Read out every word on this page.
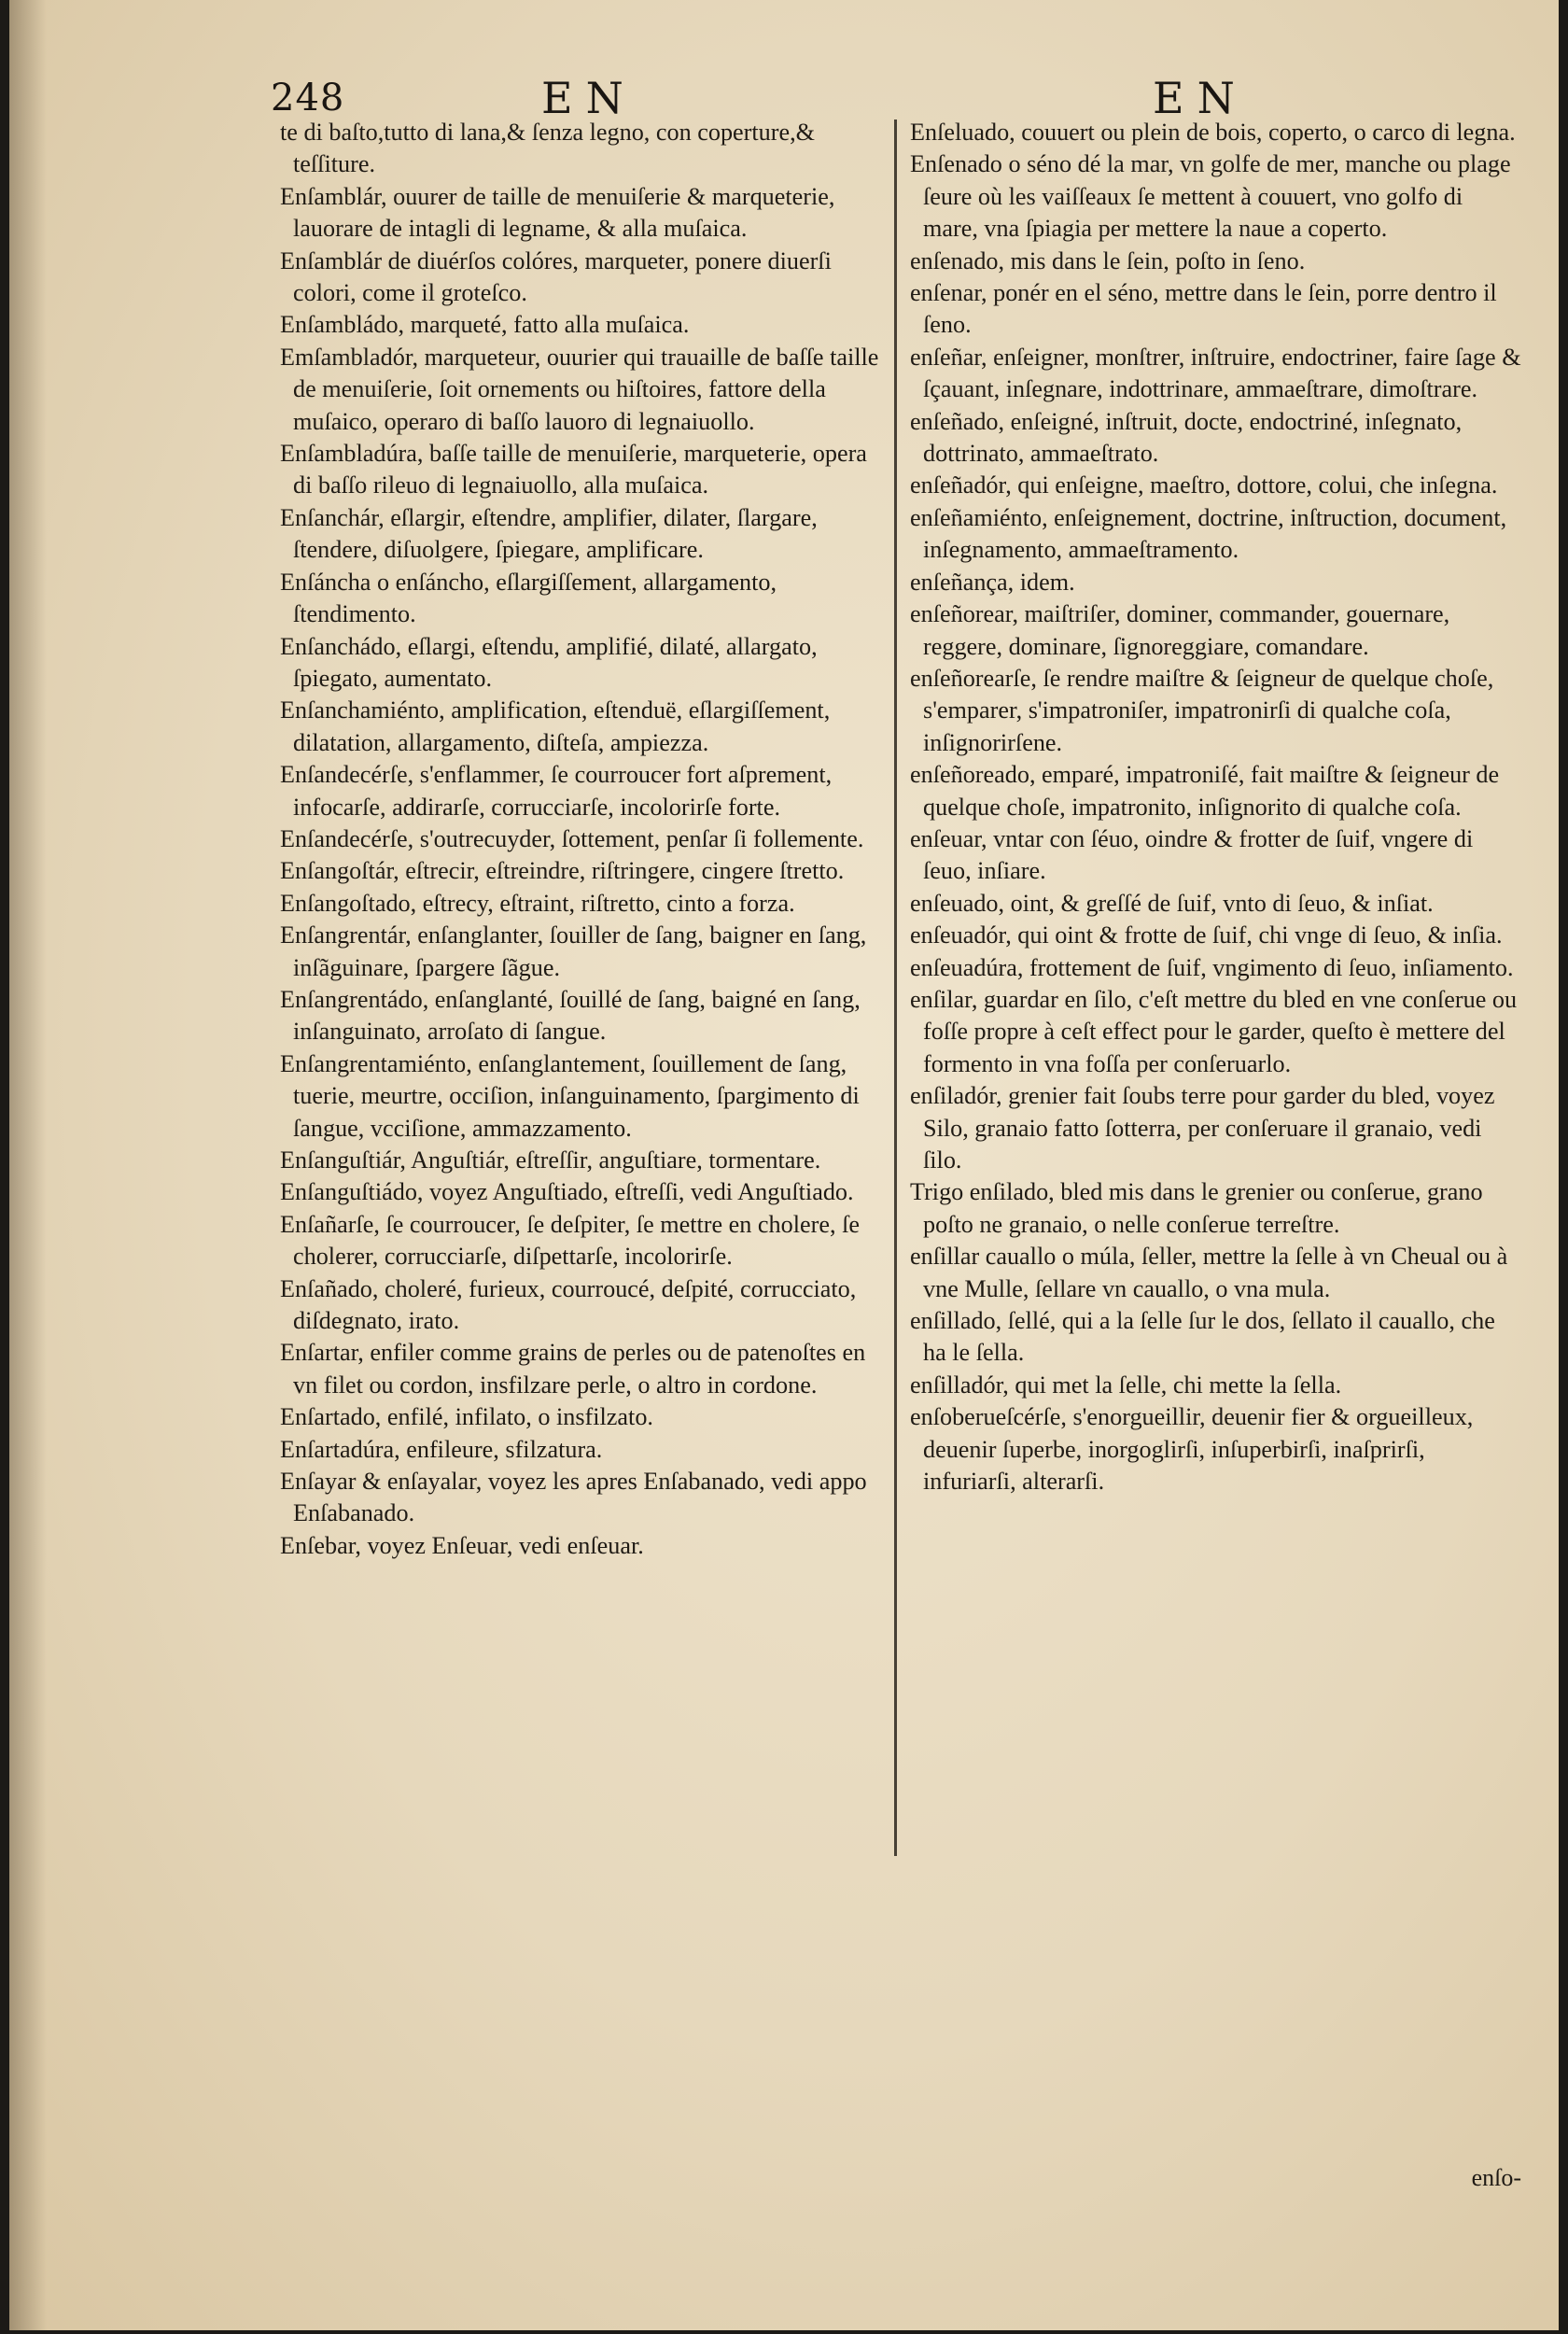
248	EN	EN

te di baſto,tutto di lana,& ſenza legno, con coperture,& teſſiture.

Enſamblár, ouurer de taille de menuiſerie & marqueterie, lauorare de intagli di legname, & alla muſaica.

Enſamblár de diuérſos colóres, marqueter, ponere diuerſi colori, come il groteſco.

Enſambládo, marqueté, fatto alla muſaica.

Emſambladór, marqueteur, ouurier qui trauaille de baſſe taille de menuiſerie, ſoit ornements ou hiſtoires, fattore della muſaico, operaro di baſſo lauoro di legnaiuollo.

Enſambladúra, baſſe taille de menuiſerie, marqueterie, opera di baſſo rileuo di legnaiuollo, alla muſaica.

Enſanchár, eſlargir, eſtendre, amplifier, dilater, ſlargare, ſtendere, diſuolgere, ſpiegare, amplificare.

Enſáncha o enſáncho, eſlargiſſement, allargamento, ſtendimento.

Enſanchádo, eſlargi, eſtendu, amplifié, dilaté, allargato, ſpiegato, aumentato.

Enſanchamiénto, amplification, eſtenduë, eſlargiſſement, dilatation, allargamento, diſteſa, ampiezza.

Enſandecérſe, s'enflammer, ſe courroucer fort aſprement, infocarſe, addirarſe, corrucciarſe, incolorirſe forte.

Enſandecérſe, s'outrecuyder, ſottement, penſar ſi follemente.

Enſangoſtár, eſtrecir, eſtreindre, riſtringere, cingere ſtretto.

Enſangoſtado, eſtrecy, eſtraint, riſtretto, cinto a forza.

Enſangrentár, enſanglanter, ſouiller de ſang, baigner en ſang, inſãguinare, ſpargere ſãgue.

Enſangrentádo, enſanglanté, ſouillé de ſang, baigné en ſang, inſanguinato, arroſato di ſangue.

Enſangrentamiénto, enſanglantement, ſouillement de ſang, tuerie, meurtre, occiſion, inſanguinamento, ſpargimento di ſangue, vcciſione, ammazzamento.

Enſanguſtiár, Anguſtiár, eſtreſſir, anguſtiare, tormentare.

Enſanguſtiádo, voyez Anguſtiado, eſtreſſi, vedi Anguſtiado.

Enſañarſe, ſe courroucer, ſe deſpiter, ſe mettre en cholere, ſe cholerer, corrucciarſe, diſpettarſe, incolorirſe.

Enſañado, choleré, furieux, courroucé, deſpité, corrucciato, diſdegnato, irato.

Enſartar, enfiler comme grains de perles ou de patenoſtes en vn filet ou cordon, insfilzare perle, o altro in cordone.

Enſartado, enfilé, infilato, o insfilzato.

Enſartadúra, enfileure, sfilzatura.

Enſayar & enſayalar, voyez les apres Enſabanado, vedi appo Enſabanado.

Enſebar, voyez Enſeuar, vedi enſeuar.

Enſeluado, couuert ou plein de bois, coperto, o carco di legna.

Enſenado o séno dé la mar, vn golfe de mer, manche ou plage ſeure où les vaiſſeaux ſe mettent à couuert, vno golfo di mare, vna ſpiagia per mettere la naue a coperto.

enſenado, mis dans le ſein, poſto in ſeno.

enſenar, ponér en el séno, mettre dans le ſein, porre dentro il ſeno.

enſeñar, enſeigner, monſtrer, inſtruire, endoctriner, faire ſage & ſçauant, inſegnare, indottrinare, ammaeſtrare, dimoſtrare.

enſeñado, enſeigné, inſtruit, docte, endoctriné, inſegnato, dottrinato, ammaeſtrato.

enſeñadór, qui enſeigne, maeſtro, dottore, colui, che inſegna.

enſeñamiénto, enſeignement, doctrine, inſtruction, document, inſegnamento, ammaeſtramento.

enſeñança, idem.

enſeñorear, maiſtriſer, dominer, commander, gouernare, reggere, dominare, ſignoreggiare, comandare.

enſeñorearſe, ſe rendre maiſtre & ſeigneur de quelque choſe, s'emparer, s'impatroniſer, impatronirſi di qualche coſa, inſignorirſene.

enſeñoreado, emparé, impatroniſé, fait maiſtre & ſeigneur de quelque choſe, impatronito, inſignorito di qualche coſa.

enſeuar, vntar con ſéuo, oindre & frotter de ſuif, vngere di ſeuo, inſiare.

enſeuado, oint, & greſſé de ſuif, vnto di ſeuo, & inſiat.

enſeuadór, qui oint & frotte de ſuif, chi vnge di ſeuo, & inſia.

enſeuadúra, frottement de ſuif, vngimento di ſeuo, inſiamento.

enſilar, guardar en ſilo, c'eſt mettre du bled en vne conſerue ou foſſe propre à ceſt effect pour le garder, queſto è mettere del formento in vna foſſa per conſeruarlo.

enſiladór, grenier fait ſoubs terre pour garder du bled, voyez Silo, granaio fatto ſotterra, per conſeruare il granaio, vedi ſilo.

Trigo enſilado, bled mis dans le grenier ou conſerue, grano poſto ne granaio, o nelle conſerue terreſtre.

enſillar cauallo o múla, ſeller, mettre la ſelle à vn Cheual ou à vne Mulle, ſellare vn cauallo, o vna mula.

enſillado, ſellé, qui a la ſelle ſur le dos, ſellato il cauallo, che ha le ſella.

enſilladór, qui met la ſelle, chi mette la ſella.

enſoberueſcérſe, s'enorgueillir, deuenir fier & orgueilleux, deuenir ſuperbe, inorgoglirſi, inſuperbirſi, inaſprirſi, infuriarſi, alterarſi.

enſo-
